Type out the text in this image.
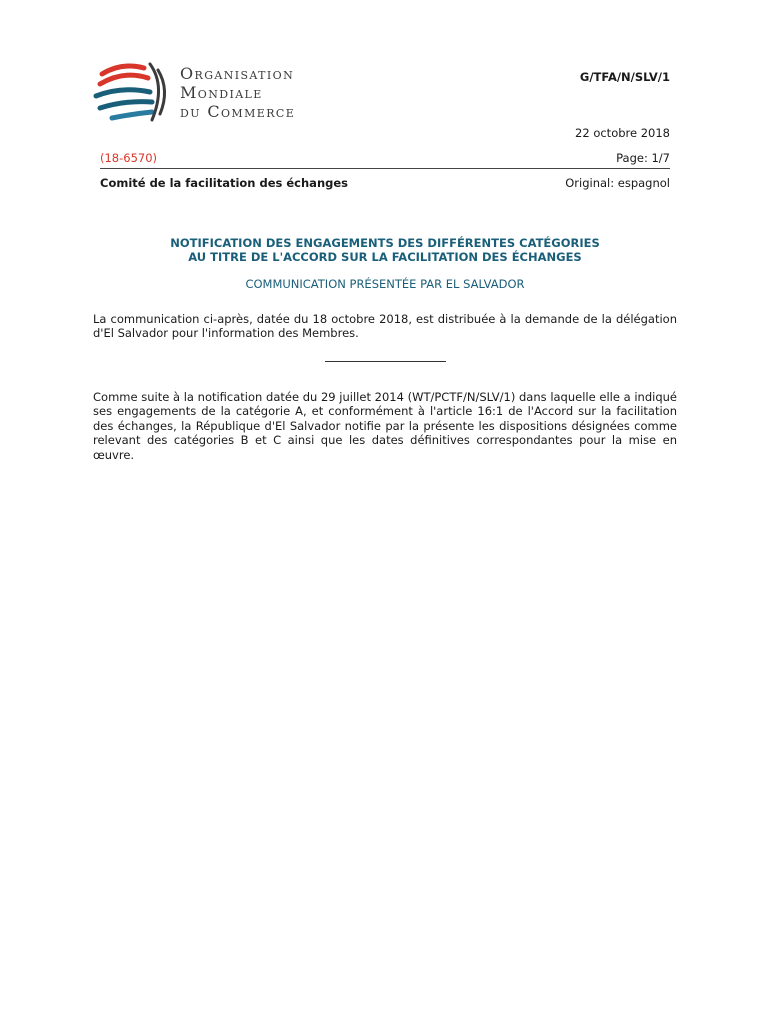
Organisation
Mondiale
du Commerce
G/TFA/N/SLV/1
22 octobre 2018
(18-6570)	Page: 1/7
Comité de la facilitation des échanges	Original: espagnol
NOTIFICATION DES ENGAGEMENTS DES DIFFÉRENTES CATÉGORIES
AU TITRE DE L'ACCORD SUR LA FACILITATION DES ÉCHANGES
COMMUNICATION PRÉSENTÉE PAR EL SALVADOR
La communication ci-après, datée du 18 octobre 2018, est distribuée à la demande de la délégation d'El Salvador pour l'information des Membres.
Comme suite à la notification datée du 29 juillet 2014 (WT/PCTF/N/SLV/1) dans laquelle elle a indiqué ses engagements de la catégorie A, et conformément à l'article 16:1 de l'Accord sur la facilitation des échanges, la République d'El Salvador notifie par la présente les dispositions désignées comme relevant des catégories B et C ainsi que les dates définitives correspondantes pour la mise en œuvre.
